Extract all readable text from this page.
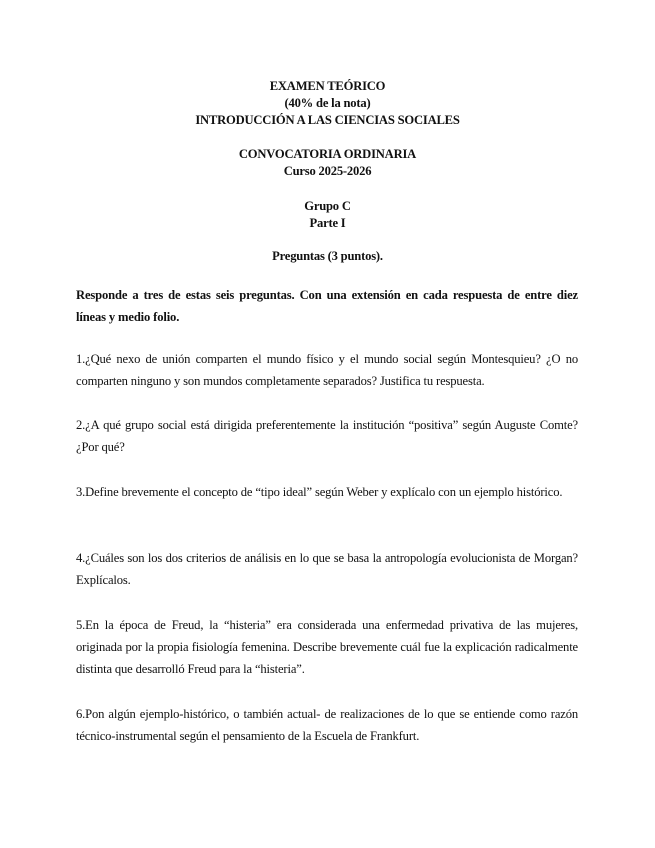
EXAMEN TEÓRICO
(40% de la nota)
INTRODUCCIÓN A LAS CIENCIAS SOCIALES
CONVOCATORIA ORDINARIA
Curso 2025-2026
Grupo C
Parte I
Preguntas (3 puntos).
Responde a tres de estas seis preguntas. Con una extensión en cada respuesta de entre diez líneas y medio folio.
1.¿Qué nexo de unión comparten el mundo físico y el mundo social según Montesquieu? ¿O no comparten ninguno y son mundos completamente separados? Justifica tu respuesta.
2.¿A qué grupo social está dirigida preferentemente la institución “positiva” según Auguste Comte? ¿Por qué?
3.Define brevemente el concepto de “tipo ideal” según Weber y explícalo con un ejemplo histórico.
4.¿Cuáles son los dos criterios de análisis en lo que se basa la antropología evolucionista de Morgan? Explícalos.
5.En la época de Freud, la “histeria” era considerada una enfermedad privativa de las mujeres, originada por la propia fisiología femenina. Describe brevemente cuál fue la explicación radicalmente distinta que desarrolló Freud para la “histeria”.
6.Pon algún ejemplo-histórico, o también actual- de realizaciones de lo que se entiende como razón técnico-instrumental según el pensamiento de la Escuela de Frankfurt.
